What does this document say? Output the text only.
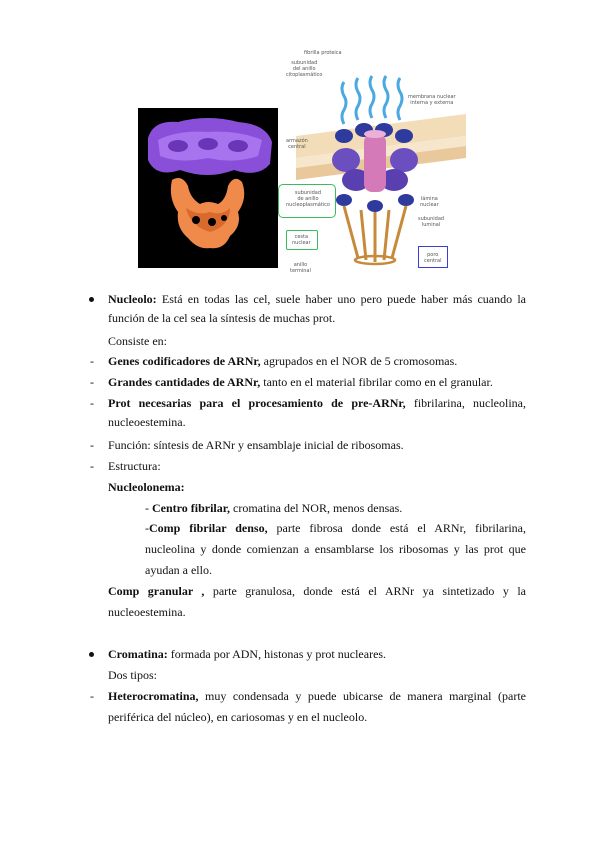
fibrilla proteica
subunidad
del anillo
citoplasmático
membrana nuclear
interna y externa
armazón
central
subunidad
de anillo
nucleoplasmático
lámina
nuclear
subunidad
luminal
cesta
nuclear
poro
central
anillo
terminal
Nucleolo: Está en todas las cel, suele haber uno pero puede haber más cuando la
función de la cel sea la síntesis de muchas prot.
Consiste en:
- Genes codificadores de ARNr, agrupados en el NOR de 5 cromosomas.
- Grandes cantidades de ARNr, tanto en el material fibrilar como en el granular.
- Prot necesarias para el procesamiento de pre-ARNr, fibrilarina, nucleolina,
nucleoestemina.
- Función: síntesis de ARNr y ensamblaje inicial de ribosomas.
- Estructura:
Nucleolonema:
- Centro fibrilar, cromatina del NOR, menos densas.
-Comp fibrilar denso, parte fibrosa donde está el ARNr, fibrilarina,
nucleolina y donde comienzan a ensamblarse los ribosomas y las prot que
ayudan a ello.
Comp granular , parte granulosa, donde está el ARNr ya sintetizado y la
nucleoestemina.
Cromatina: formada por ADN, histonas y prot nucleares.
Dos tipos:
- Heterocromatina, muy condensada y puede ubicarse de manera marginal (parte
periférica del núcleo), en cariosomas y en el nucleolo.
